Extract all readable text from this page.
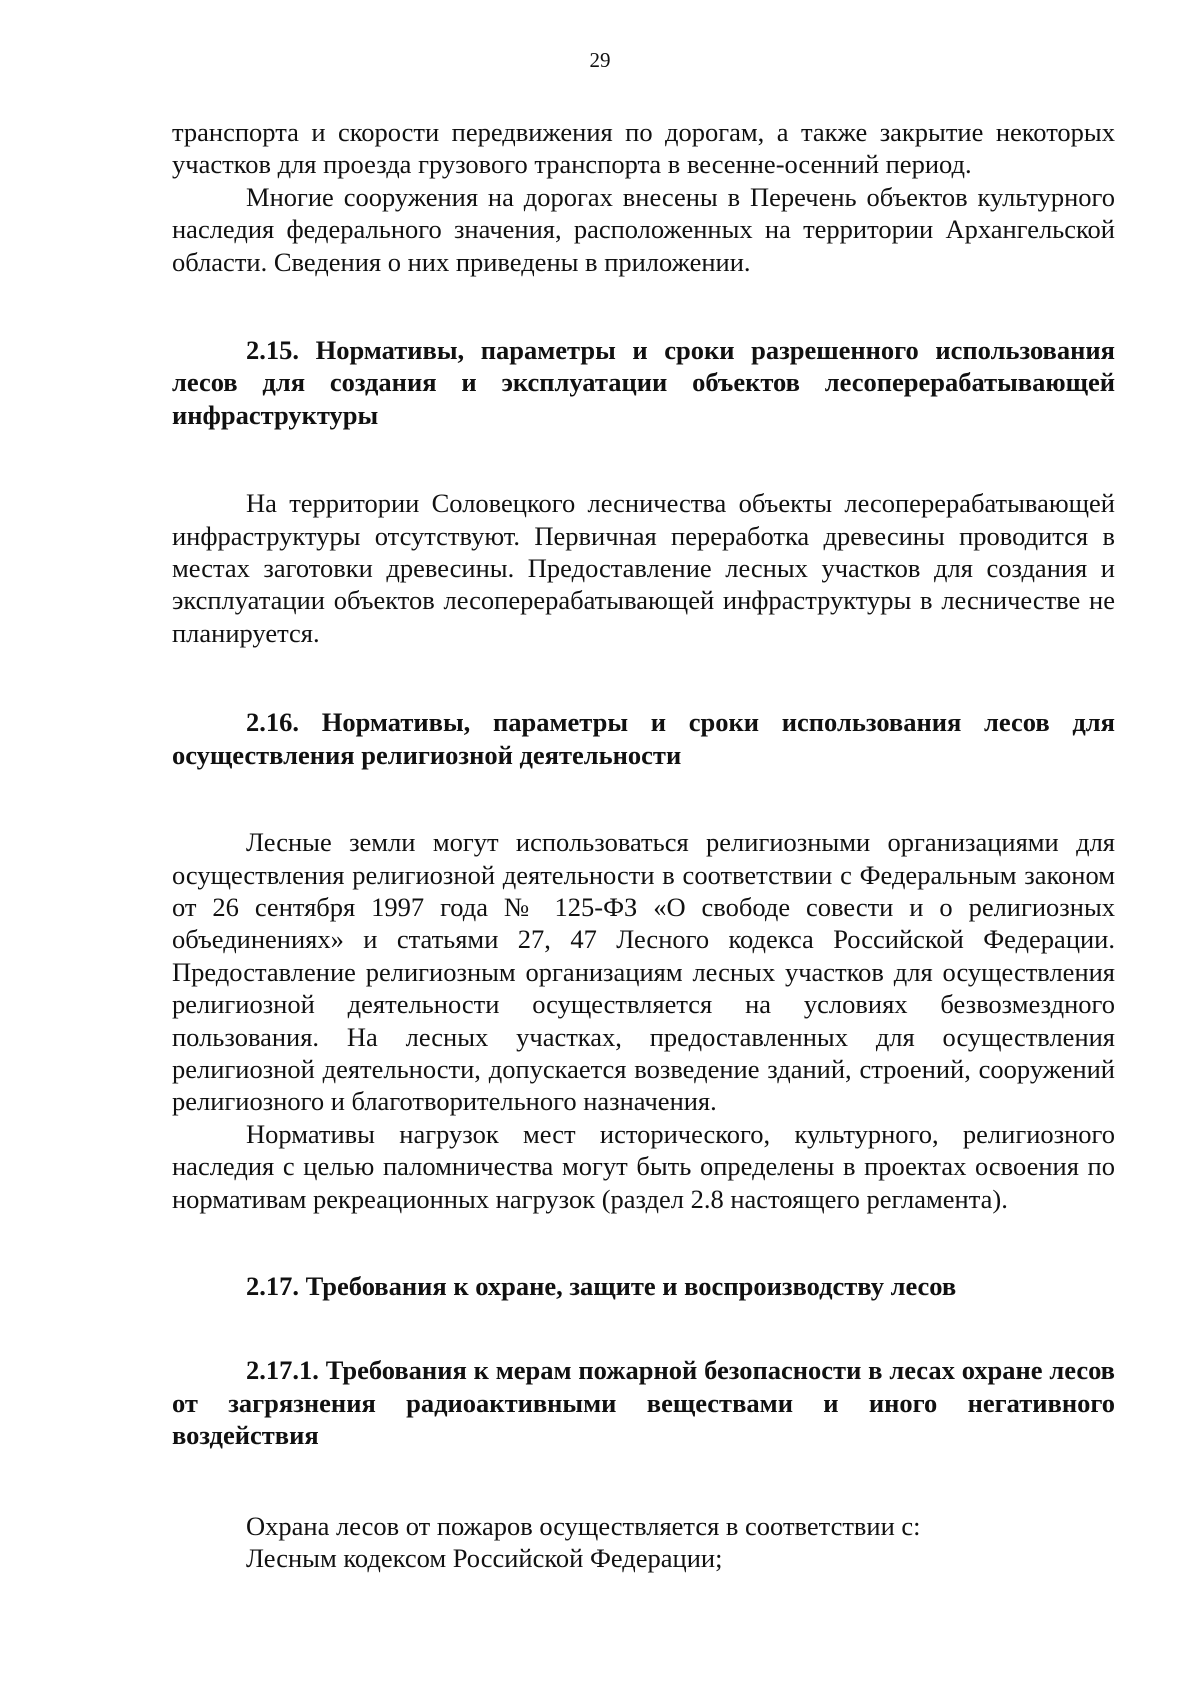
29

транспорта и скорости передвижения по дорогам, а также закрытие некоторых участков для проезда грузового транспорта в весенне-осенний период.

Многие сооружения на дорогах внесены в Перечень объектов культурного наследия федерального значения, расположенных на территории Архангельской области. Сведения о них приведены в приложении.

2.15. Нормативы, параметры и сроки разрешенного использования лесов для создания и эксплуатации объектов лесоперерабатывающей инфраструктуры

На территории Соловецкого лесничества объекты лесоперерабатывающей инфраструктуры отсутствуют. Первичная переработка древесины проводится в местах заготовки древесины. Предоставление лесных участков для создания и эксплуатации объектов лесоперерабатывающей инфраструктуры в лесничестве не планируется.

2.16. Нормативы, параметры и сроки использования лесов для осуществления религиозной деятельности

Лесные земли могут использоваться религиозными организациями для осуществления религиозной деятельности в соответствии с Федеральным законом от 26 сентября 1997 года № 125-ФЗ «О свободе совести и о религиозных объединениях» и статьями 27, 47 Лесного кодекса Российской Федерации. Предоставление религиозным организациям лесных участков для осуществления религиозной деятельности осуществляется на условиях безвозмездного пользования. На лесных участках, предоставленных для осуществления религиозной деятельности, допускается возведение зданий, строений, сооружений религиозного и благотворительного назначения.

Нормативы нагрузок мест исторического, культурного, религиозного наследия с целью паломничества могут быть определены в проектах освоения по нормативам рекреационных нагрузок (раздел 2.8 настоящего регламента).

2.17. Требования к охране, защите и воспроизводству лесов
2.17.1. Требования к мерам пожарной безопасности в лесах охране лесов от загрязнения радиоактивными веществами и иного негативного воздействия

Охрана лесов от пожаров осуществляется в соответствии с:

Лесным кодексом Российской Федерации;
